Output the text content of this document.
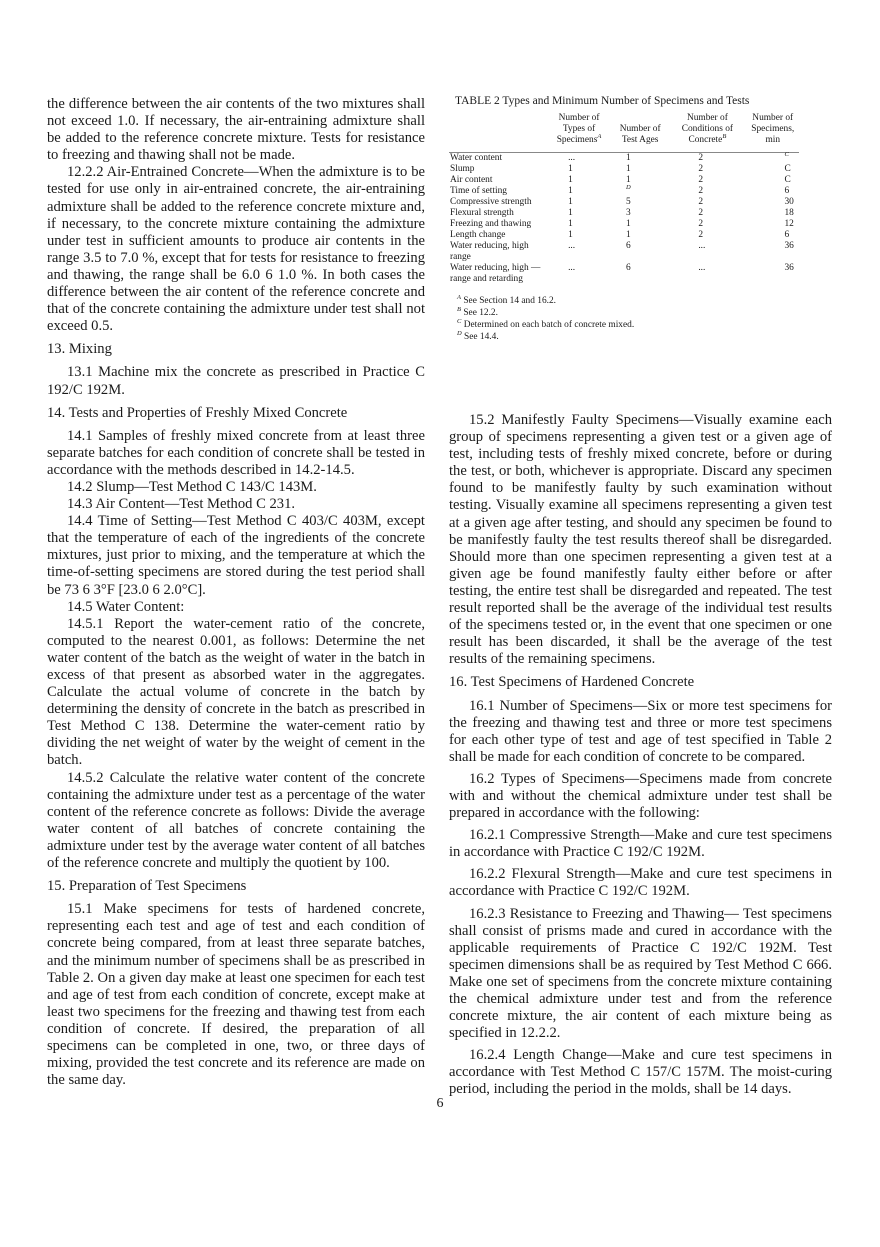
the difference between the air contents of the two mixtures shall not exceed 1.0. If necessary, the air-entraining admixture shall be added to the reference concrete mixture. Tests for resistance to freezing and thawing shall not be made.

12.2.2 Air-Entrained Concrete—When the admixture is to be tested for use only in air-entrained concrete, the air-entraining admixture shall be added to the reference concrete mixture and, if necessary, to the concrete mixture containing the admixture under test in sufficient amounts to produce air contents in the range 3.5 to 7.0 %, except that for tests for resistance to freezing and thawing, the range shall be 6.0 6 1.0 %. In both cases the difference between the air content of the reference concrete and that of the concrete containing the admixture under test shall not exceed 0.5.

13. Mixing

13.1 Machine mix the concrete as prescribed in Practice C 192/C 192M.

14. Tests and Properties of Freshly Mixed Concrete

14.1 Samples of freshly mixed concrete from at least three separate batches for each condition of concrete shall be tested in accordance with the methods described in 14.2-14.5.

14.2 Slump—Test Method C 143/C 143M.

14.3 Air Content—Test Method C 231.

14.4 Time of Setting—Test Method C 403/C 403M, except that the temperature of each of the ingredients of the concrete mixtures, just prior to mixing, and the temperature at which the time-of-setting specimens are stored during the test period shall be 73 6 3°F [23.0 6 2.0°C].

14.5 Water Content:

14.5.1 Report the water-cement ratio of the concrete, computed to the nearest 0.001, as follows: Determine the net water content of the batch as the weight of water in the batch in excess of that present as absorbed water in the aggregates. Calculate the actual volume of concrete in the batch by determining the density of concrete in the batch as prescribed in Test Method C 138. Determine the water-cement ratio by dividing the net weight of water by the weight of cement in the batch.

14.5.2 Calculate the relative water content of the concrete containing the admixture under test as a percentage of the water content of the reference concrete as follows: Divide the average water content of all batches of concrete containing the admixture under test by the average water content of all batches of the reference concrete and multiply the quotient by 100.

15. Preparation of Test Specimens

15.1 Make specimens for tests of hardened concrete, representing each test and age of test and each condition of concrete being compared, from at least three separate batches, and the minimum number of specimens shall be as prescribed in Table 2. On a given day make at least one specimen for each test and age of test from each condition of concrete, except make at least two specimens for the freezing and thawing test from each condition of concrete. If desired, the preparation of all specimens can be completed in one, two, or three days of mixing, provided the test concrete and its reference are made on the same day.

TABLE 2 Types and Minimum Number of Specimens and Tests
	Number of Types of Specimens$^A$	Number of Test Ages	Number of Conditions of Concrete$^B$	Number of Specimens, min
Water content	...	1	2	$^C$
Slump	1	1	2	C
Air content	1	1	2	C
Time of setting	1	$^D$	2	6
Compressive strength	1	5	2	30
Flexural strength	1	3	2	18
Freezing and thawing	1	1	2	12
Length change	1	1	2	6
Water reducing, high range	...	6	...	36
Water reducing, high —range and retarding	...	6	...	36
$^A$ See Section 14 and 16.2.
$^B$ See 12.2.
$^C$ Determined on each batch of concrete mixed.
$^D$ See 14.4.

15.2 Manifestly Faulty Specimens—Visually examine each group of specimens representing a given test or a given age of test, including tests of freshly mixed concrete, before or during the test, or both, whichever is appropriate. Discard any specimen found to be manifestly faulty by such examination without testing. Visually examine all specimens representing a given test at a given age after testing, and should any specimen be found to be manifestly faulty the test results thereof shall be disregarded. Should more than one specimen representing a given test at a given age be found manifestly faulty either before or after testing, the entire test shall be disregarded and repeated. The test result reported shall be the average of the individual test results of the specimens tested or, in the event that one specimen or one result has been discarded, it shall be the average of the test results of the remaining specimens.

16. Test Specimens of Hardened Concrete

16.1 Number of Specimens—Six or more test specimens for the freezing and thawing test and three or more test specimens for each other type of test and age of test specified in Table 2 shall be made for each condition of concrete to be compared.

16.2 Types of Specimens—Specimens made from concrete with and without the chemical admixture under test shall be prepared in accordance with the following:

16.2.1 Compressive Strength—Make and cure test specimens in accordance with Practice C 192/C 192M.

16.2.2 Flexural Strength—Make and cure test specimens in accordance with Practice C 192/C 192M.

16.2.3 Resistance to Freezing and Thawing— Test specimens shall consist of prisms made and cured in accordance with the applicable requirements of Practice C 192/C 192M. Test specimen dimensions shall be as required by Test Method C 666. Make one set of specimens from the concrete mixture containing the chemical admixture under test and from the reference concrete mixture, the air content of each mixture being as specified in 12.2.2.

16.2.4 Length Change—Make and cure test specimens in accordance with Test Method C 157/C 157M. The moist-curing period, including the period in the molds, shall be 14 days.

6
